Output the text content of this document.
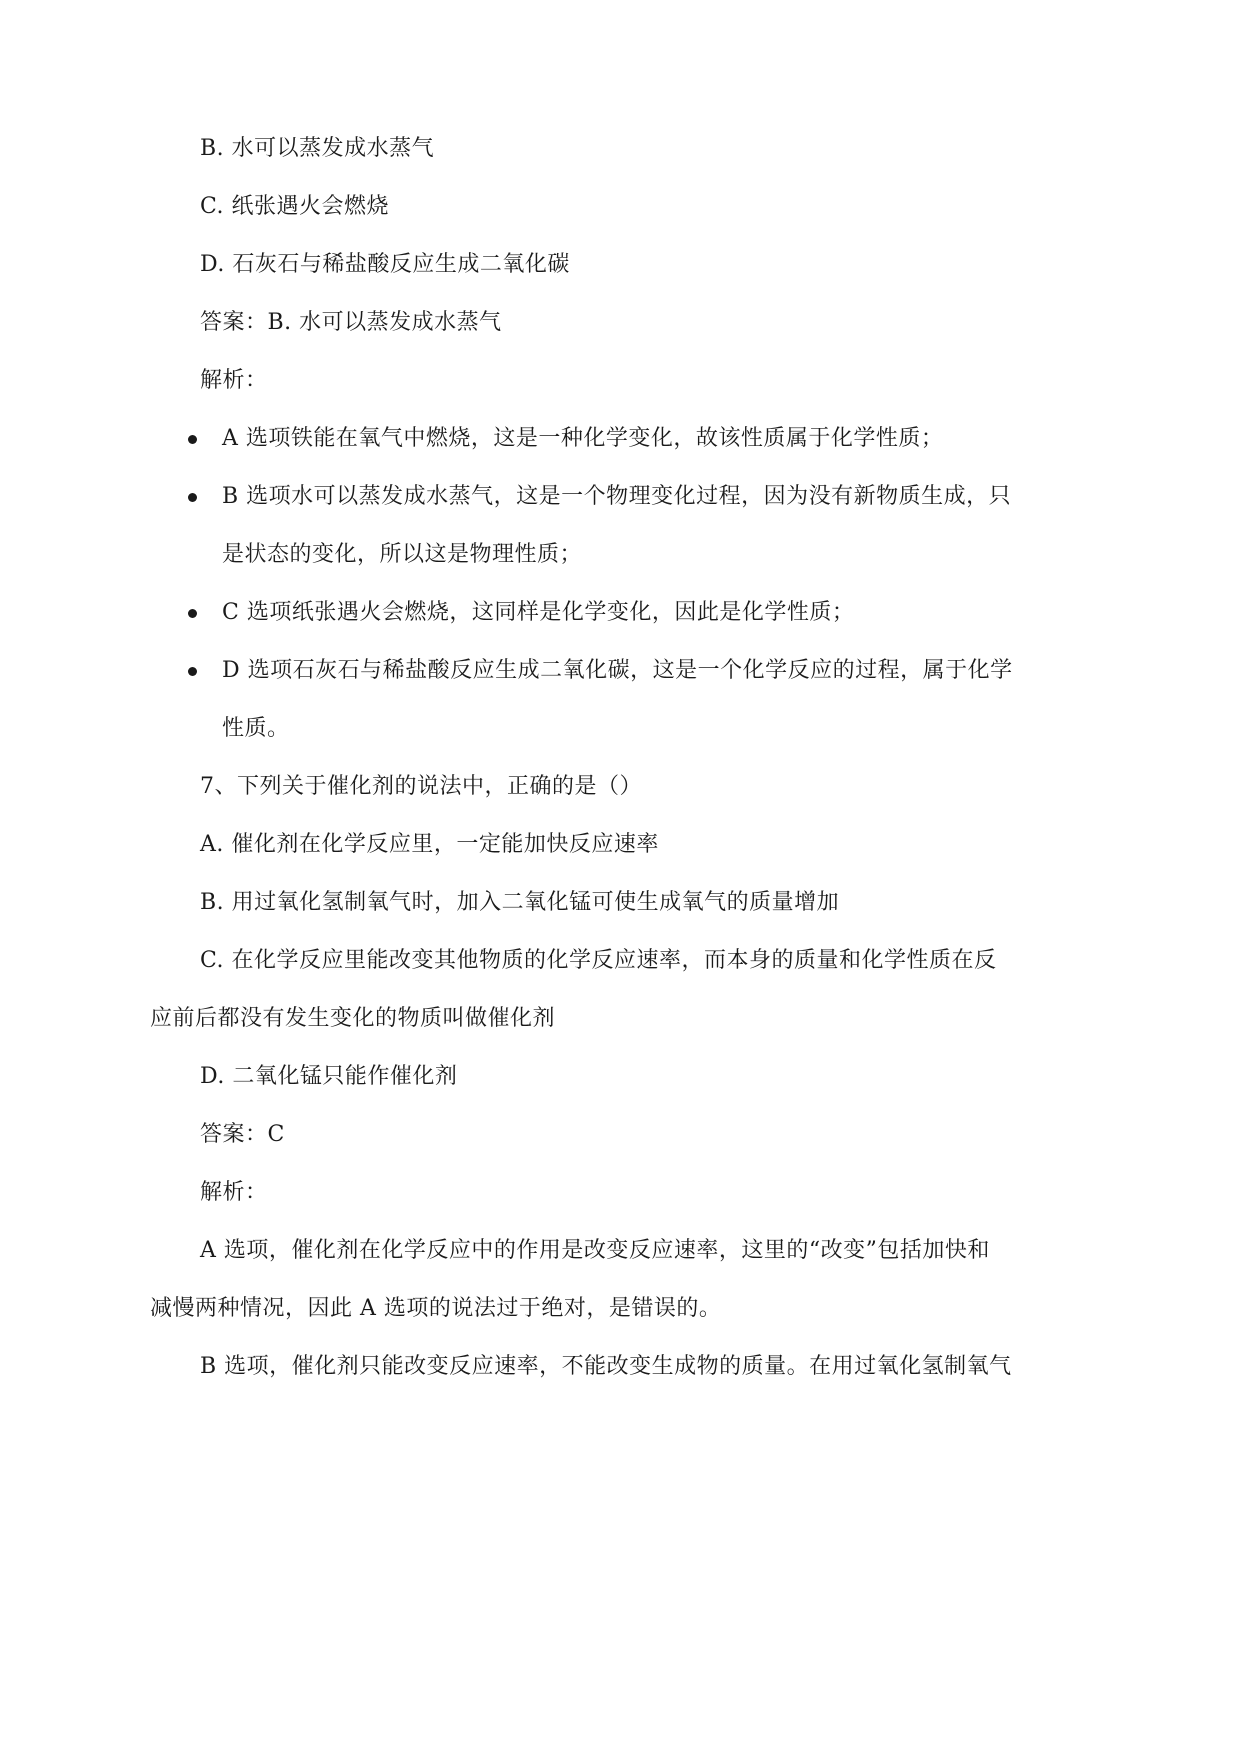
B. 水可以蒸发成水蒸气
C. 纸张遇火会燃烧
D. 石灰石与稀盐酸反应生成二氧化碳
答案：B. 水可以蒸发成水蒸气
解析：
A 选项铁能在氧气中燃烧，这是一种化学变化，故该性质属于化学性质；
B 选项水可以蒸发成水蒸气，这是一个物理变化过程，因为没有新物质生成，只
是状态的变化，所以这是物理性质；
C 选项纸张遇火会燃烧，这同样是化学变化，因此是化学性质；
D 选项石灰石与稀盐酸反应生成二氧化碳，这是一个化学反应的过程，属于化学
性质。
7、下列关于催化剂的说法中，正确的是（）
A. 催化剂在化学反应里，一定能加快反应速率
B. 用过氧化氢制氧气时，加入二氧化锰可使生成氧气的质量增加
C. 在化学反应里能改变其他物质的化学反应速率，而本身的质量和化学性质在反
应前后都没有发生变化的物质叫做催化剂
D. 二氧化锰只能作催化剂
答案：C
解析：
A 选项，催化剂在化学反应中的作用是改变反应速率，这里的“改变”包括加快和
减慢两种情况，因此 A 选项的说法过于绝对，是错误的。
B 选项，催化剂只能改变反应速率，不能改变生成物的质量。在用过氧化氢制氧气
